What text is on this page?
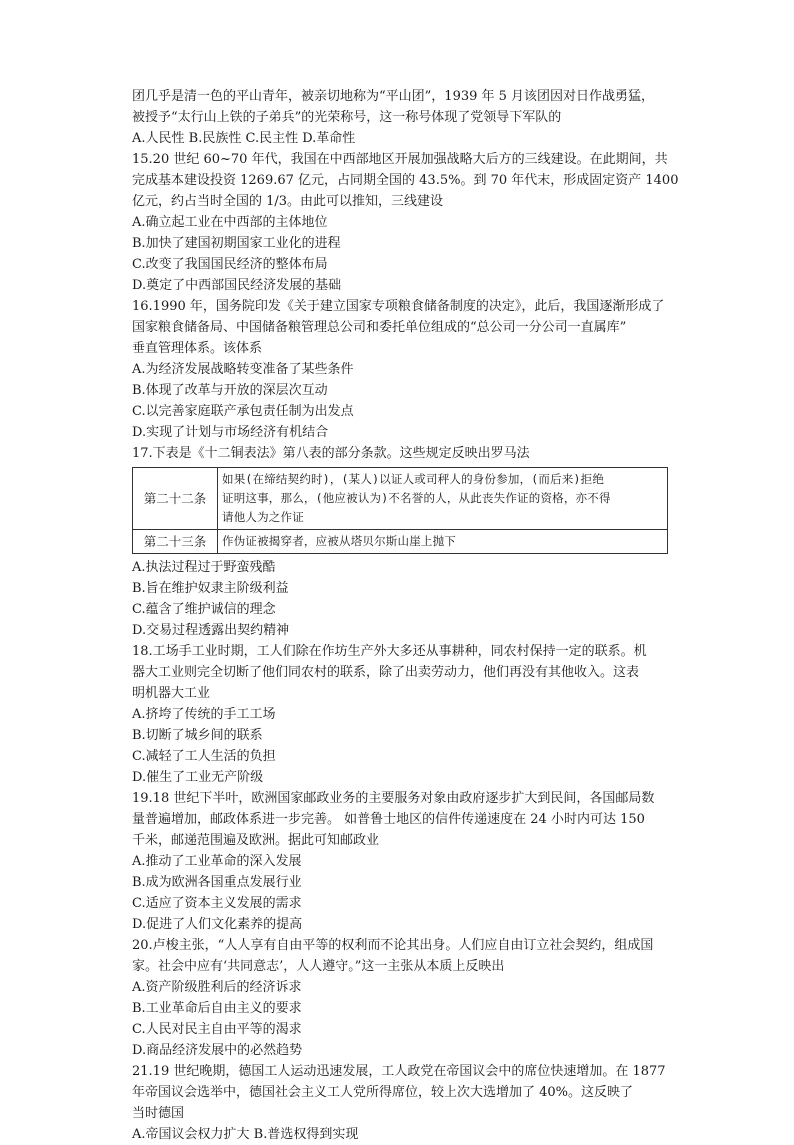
团几乎是清一色的平山青年，被亲切地称为“平山团”，1939 年 5 月该团因对日作战勇猛，
被授予“太行山上铁的子弟兵”的光荣称号，这一称号体现了党领导下军队的
A.人民性 B.民族性 C.民主性 D.革命性
15.20 世纪 60~70 年代，我国在中西部地区开展加强战略大后方的三线建设。在此期间，共
完成基本建设投资 1269.67 亿元，占同期全国的 43.5%。到 70 年代末，形成固定资产 1400
亿元，约占当时全国的 1/3。由此可以推知，三线建设
A.确立起工业在中西部的主体地位
B.加快了建国初期国家工业化的进程
C.改变了我国国民经济的整体布局
D.奠定了中西部国民经济发展的基础
16.1990 年，国务院印发《关于建立国家专项粮食储备制度的决定》，此后，我国逐渐形成了
国家粮食储备局、中国储备粮管理总公司和委托单位组成的“总公司一分公司一直属库”
垂直管理体系。该体系
A.为经济发展战略转变准备了某些条件
B.体现了改革与开放的深层次互动
C.以完善家庭联产承包责任制为出发点
D.实现了计划与市场经济有机结合
17.下表是《十二铜表法》第八表的部分条款。这些规定反映出罗马法
第二十二条	如果(在缔结契约时)，(某人)以证人或司秤人的身份参加，(而后来)拒绝
证明这事，那么，(他应被认为)不名誉的人，从此丧失作证的资格，亦不得
请他人为之作证

第二十三条	作伪证被揭穿者，应被从塔贝尔斯山崖上抛下
A.执法过程过于野蛮残酷
B.旨在维护奴隶主阶级利益
C.蕴含了维护诚信的理念
D.交易过程透露出契约精神
18.工场手工业时期，工人们除在作坊生产外大多还从事耕种，同农村保持一定的联系。机
器大工业则完全切断了他们同农村的联系，除了出卖劳动力，他们再没有其他收入。这表
明机器大工业
A.挤垮了传统的手工工场
B.切断了城乡间的联系
C.减轻了工人生活的负担
D.催生了工业无产阶级
19.18 世纪下半叶，欧洲国家邮政业务的主要服务对象由政府逐步扩大到民间，各国邮局数
量普遍增加，邮政体系进一步完善。 如普鲁士地区的信件传递速度在 24 小时内可达 150
千米，邮递范围遍及欧洲。据此可知邮政业
A.推动了工业革命的深入发展
B.成为欧洲各国重点发展行业
C.适应了资本主义发展的需求
D.促进了人们文化素养的提高
20.卢梭主张，“人人享有自由平等的权利而不论其出身。人们应自由订立社会契约，组成国
家。社会中应有‘共同意志’，人人遵守。”这一主张从本质上反映出
A.资产阶级胜利后的经济诉求
B.工业革命后自由主义的要求
C.人民对民主自由平等的渴求
D.商品经济发展中的必然趋势
21.19 世纪晚期，德国工人运动迅速发展，工人政党在帝国议会中的席位快速增加。在 1877
年帝国议会选举中，德国社会主义工人党所得席位，较上次大选增加了 40%。这反映了
当时德国
A.帝国议会权力扩大 B.普选权得到实现
